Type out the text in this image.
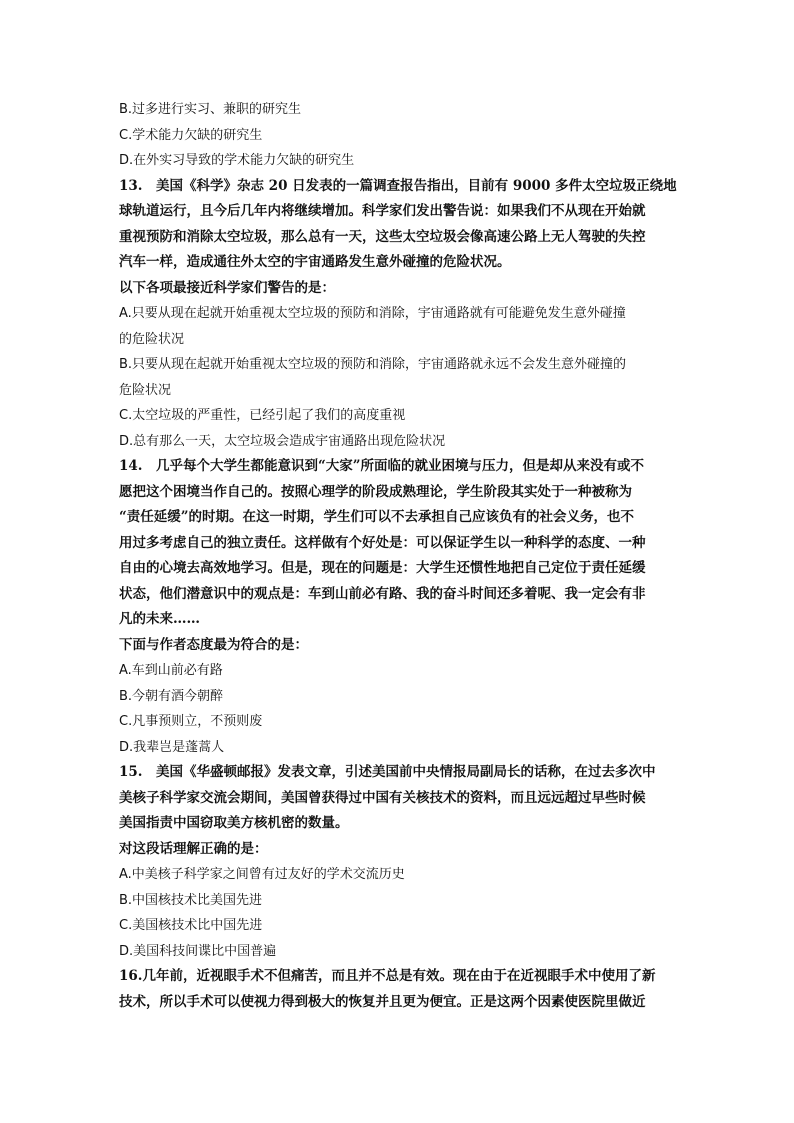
B.过多进行实习、兼职的研究生
C.学术能力欠缺的研究生
D.在外实习导致的学术能力欠缺的研究生
13.　美国《科学》杂志 20 日发表的一篇调查报告指出，目前有 9000 多件太空垃圾正绕地
球轨道运行，且今后几年内将继续增加。科学家们发出警告说：如果我们不从现在开始就
重视预防和消除太空垃圾，那么总有一天，这些太空垃圾会像高速公路上无人驾驶的失控
汽车一样，造成通往外太空的宇宙通路发生意外碰撞的危险状况。
以下各项最接近科学家们警告的是：
A.只要从现在起就开始重视太空垃圾的预防和消除，宇宙通路就有可能避免发生意外碰撞
的危险状况
B.只要从现在起就开始重视太空垃圾的预防和消除，宇宙通路就永远不会发生意外碰撞的
危险状况
C.太空垃圾的严重性，已经引起了我们的高度重视
D.总有那么一天，太空垃圾会造成宇宙通路出现危险状况
14.　几乎每个大学生都能意识到“大家”所面临的就业困境与压力，但是却从来没有或不
愿把这个困境当作自己的。按照心理学的阶段成熟理论，学生阶段其实处于一种被称为
“责任延缓”的时期。在这一时期，学生们可以不去承担自己应该负有的社会义务，也不
用过多考虑自己的独立责任。这样做有个好处是：可以保证学生以一种科学的态度、一种
自由的心境去高效地学习。但是，现在的问题是：大学生还惯性地把自己定位于责任延缓
状态，他们潜意识中的观点是：车到山前必有路、我的奋斗时间还多着呢、我一定会有非
凡的未来……
下面与作者态度最为符合的是：
A.车到山前必有路
B.今朝有酒今朝醉
C.凡事预则立，不预则废
D.我辈岂是蓬蒿人
15.　美国《华盛顿邮报》发表文章，引述美国前中央情报局副局长的话称，在过去多次中
美核子科学家交流会期间，美国曾获得过中国有关核技术的资料，而且远远超过早些时候
美国指责中国窃取美方核机密的数量。
对这段话理解正确的是：
A.中美核子科学家之间曾有过友好的学术交流历史
B.中国核技术比美国先进
C.美国核技术比中国先进
D.美国科技间谍比中国普遍
16.几年前，近视眼手术不但痛苦，而且并不总是有效。现在由于在近视眼手术中使用了新
技术，所以手术可以使视力得到极大的恢复并且更为便宜。正是这两个因素使医院里做近
